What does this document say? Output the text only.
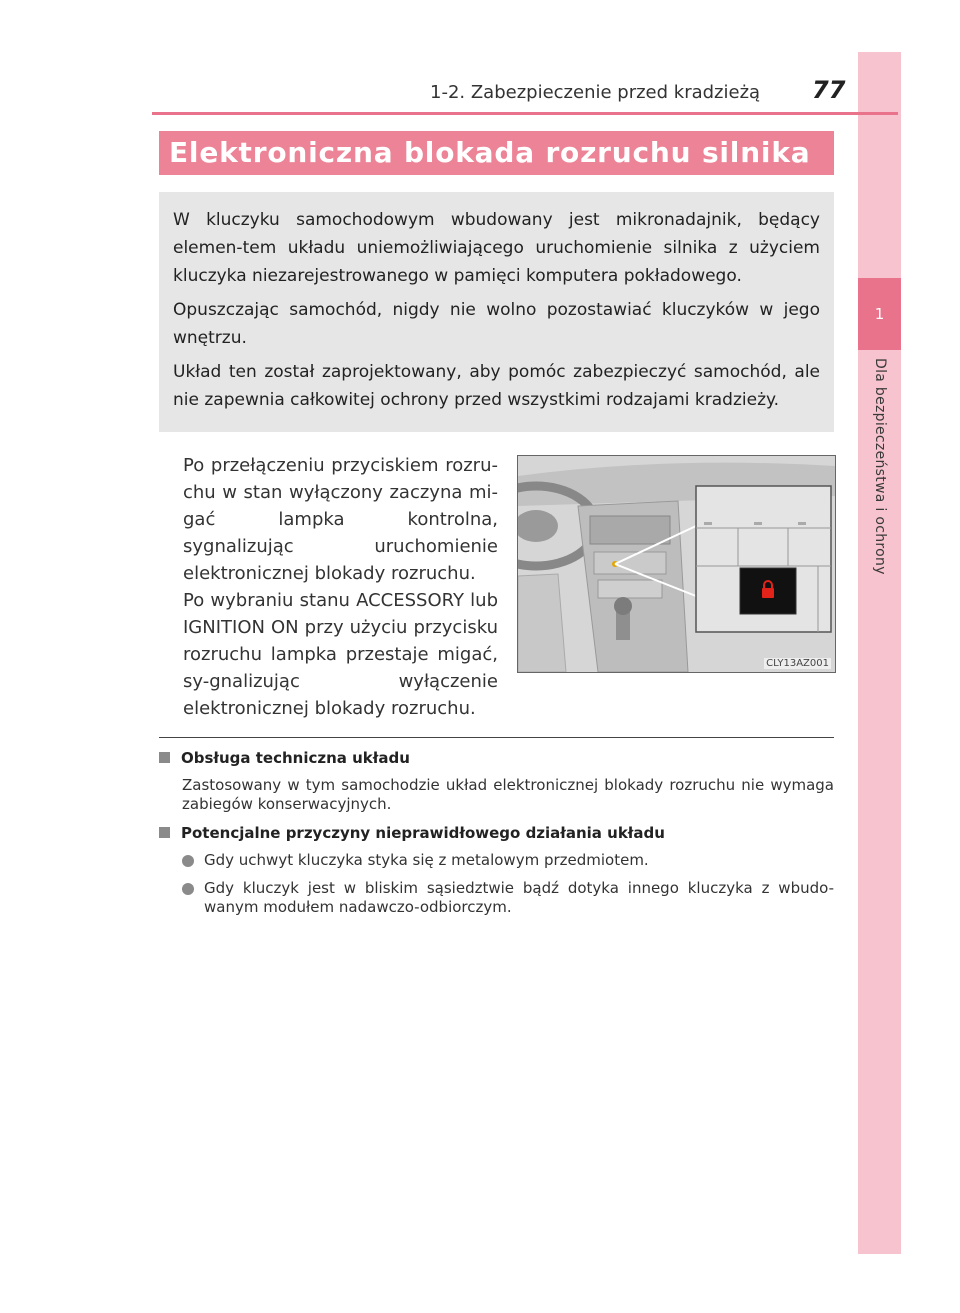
1
Dla bezpieczeństwa i ochrony
1-2. Zabezpieczenie przed kradzieżą 77
Elektroniczna blokada rozruchu silnika

W kluczyku samochodowym wbudowany jest mikronadajnik, będący elemen-tem układu uniemożliwiającego uruchomienie silnika z użyciem kluczyka niezarejestrowanego w pamięci komputera pokładowego.

Opuszczając samochód, nigdy nie wolno pozostawiać kluczyków w jego wnętrzu.

Układ ten został zaprojektowany, aby pomóc zabezpieczyć samochód, ale nie zapewnia całkowitej ochrony przed wszystkimi rodzajami kradzieży.

Po przełączeniu przyciskiem rozru-chu w stan wyłączony zaczyna mi-gać lampka kontrolna, sygnalizując uruchomienie elektronicznej blokady rozruchu.

Po wybraniu stanu ACCESSORY lub IGNITION ON przy użyciu przycisku rozruchu lampka przestaje migać, sy-gnalizując wyłączenie elektronicznej blokady rozruchu.

CLY13AZ001
Obsługa techniczna układu

Zastosowany w tym samochodzie układ elektronicznej blokady rozruchu nie wymaga zabiegów konserwacyjnych.

Potencjalne przyczyny nieprawidłowego działania układu
Gdy uchwyt kluczyka styka się z metalowym przedmiotem.
Gdy kluczyk jest w bliskim sąsiedztwie bądź dotyka innego kluczyka z wbudo-wanym modułem nadawczo-odbiorczym.
